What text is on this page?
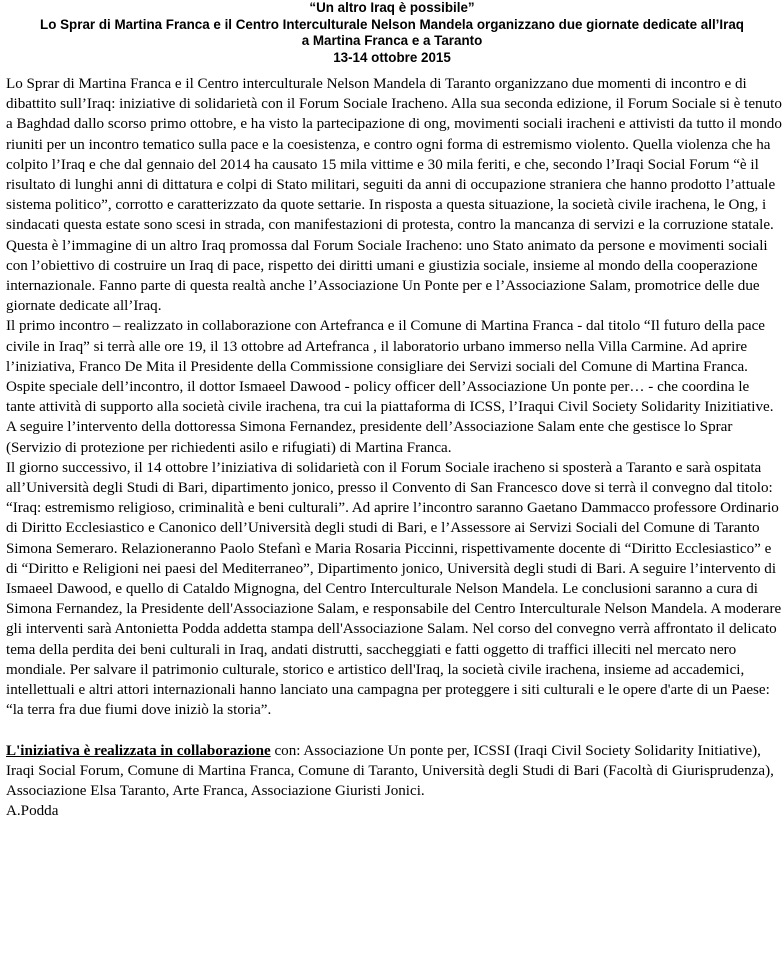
“Un altro Iraq è possibile”
Lo Sprar di Martina Franca e il Centro Interculturale Nelson Mandela organizzano due giornate dedicate all’Iraq
a Martina Franca e a Taranto
13-14 ottobre 2015

Lo Sprar di Martina Franca e il Centro interculturale Nelson Mandela di Taranto organizzano due momenti di incontro e di dibattito sull’Iraq: iniziative di solidarietà con il Forum Sociale Iracheno. Alla sua seconda edizione, il Forum Sociale si è tenuto a Baghdad dallo scorso primo ottobre, e ha visto la partecipazione di ong, movimenti sociali iracheni e attivisti da tutto il mondo riuniti per un incontro tematico sulla pace e la coesistenza, e contro ogni forma di estremismo violento. Quella violenza che ha colpito l’Iraq e che dal gennaio del 2014 ha causato 15 mila vittime e 30 mila feriti, e che, secondo l’Iraqi Social Forum “è il risultato di lunghi anni di dittatura e colpi di Stato militari, seguiti da anni di occupazione straniera che hanno prodotto l’attuale sistema politico”, corrotto e caratterizzato da quote settarie. In risposta a questa situazione, la società civile irachena, le Ong, i sindacati questa estate sono scesi in strada, con manifestazioni di protesta, contro la mancanza di servizi e la corruzione statale. Questa è l’immagine di un altro Iraq promossa dal Forum Sociale Iracheno: uno Stato animato da persone e movimenti sociali con l’obiettivo di costruire un Iraq di pace, rispetto dei diritti umani e giustizia sociale, insieme al mondo della cooperazione internazionale. Fanno parte di questa realtà anche l’Associazione Un Ponte per e l’Associazione Salam, promotrice delle due giornate dedicate all’Iraq.

Il primo incontro – realizzato in collaborazione con Artefranca e il Comune di Martina Franca - dal titolo “Il futuro della pace civile in Iraq” si terrà alle ore 19, il 13 ottobre ad Artefranca , il laboratorio urbano immerso nella Villa Carmine. Ad aprire l’iniziativa, Franco De Mita il Presidente della Commissione consigliare dei Servizi sociali del Comune di Martina Franca. Ospite speciale dell’incontro, il dottor Ismaeel Dawood - policy officer dell’Associazione Un ponte per… - che coordina le tante attività di supporto alla società civile irachena, tra cui la piattaforma di ICSS, l’Iraqui Civil Society Solidarity Inizitiative. A seguire l’intervento della dottoressa Simona Fernandez, presidente dell’Associazione Salam ente che gestisce lo Sprar (Servizio di protezione per richiedenti asilo e rifugiati) di Martina Franca.

Il giorno successivo, il 14 ottobre l’iniziativa di solidarietà con il Forum Sociale iracheno si sposterà a Taranto e sarà ospitata all’Università degli Studi di Bari, dipartimento jonico, presso il Convento di San Francesco dove si terrà il convegno dal titolo: “Iraq: estremismo religioso, criminalità e beni culturali”. Ad aprire l’incontro saranno Gaetano Dammacco professore Ordinario di Diritto Ecclesiastico e Canonico dell’Università degli studi di Bari, e l’Assessore ai Servizi Sociali del Comune di Taranto Simona Semeraro. Relazioneranno Paolo Stefanì e Maria Rosaria Piccinni, rispettivamente docente di “Diritto Ecclesiastico” e di “Diritto e Religioni nei paesi del Mediterraneo”, Dipartimento jonico, Università degli studi di Bari. A seguire l’intervento di Ismaeel Dawood, e quello di Cataldo Mignogna, del Centro Interculturale Nelson Mandela. Le conclusioni saranno a cura di Simona Fernandez, la Presidente dell'Associazione Salam, e responsabile del Centro Interculturale Nelson Mandela. A moderare gli interventi sarà Antonietta Podda addetta stampa dell'Associazione Salam. Nel corso del convegno verrà affrontato il delicato tema della perdita dei beni culturali in Iraq, andati distrutti, saccheggiati e fatti oggetto di traffici illeciti nel mercato nero mondiale. Per salvare il patrimonio culturale, storico e artistico dell'Iraq, la società civile irachena, insieme ad accademici, intellettuali e altri attori internazionali hanno lanciato una campagna per proteggere i siti culturali e le opere d'arte di un Paese: “la terra fra due fiumi dove iniziò la storia”.

L'iniziativa è realizzata in collaborazione con: Associazione Un ponte per, ICSSI (Iraqi Civil Society Solidarity Initiative), Iraqi Social Forum, Comune di Martina Franca, Comune di Taranto, Università degli Studi di Bari (Facoltà di Giurisprudenza), Associazione Elsa Taranto, Arte Franca, Associazione Giuristi Jonici.

A.Podda
